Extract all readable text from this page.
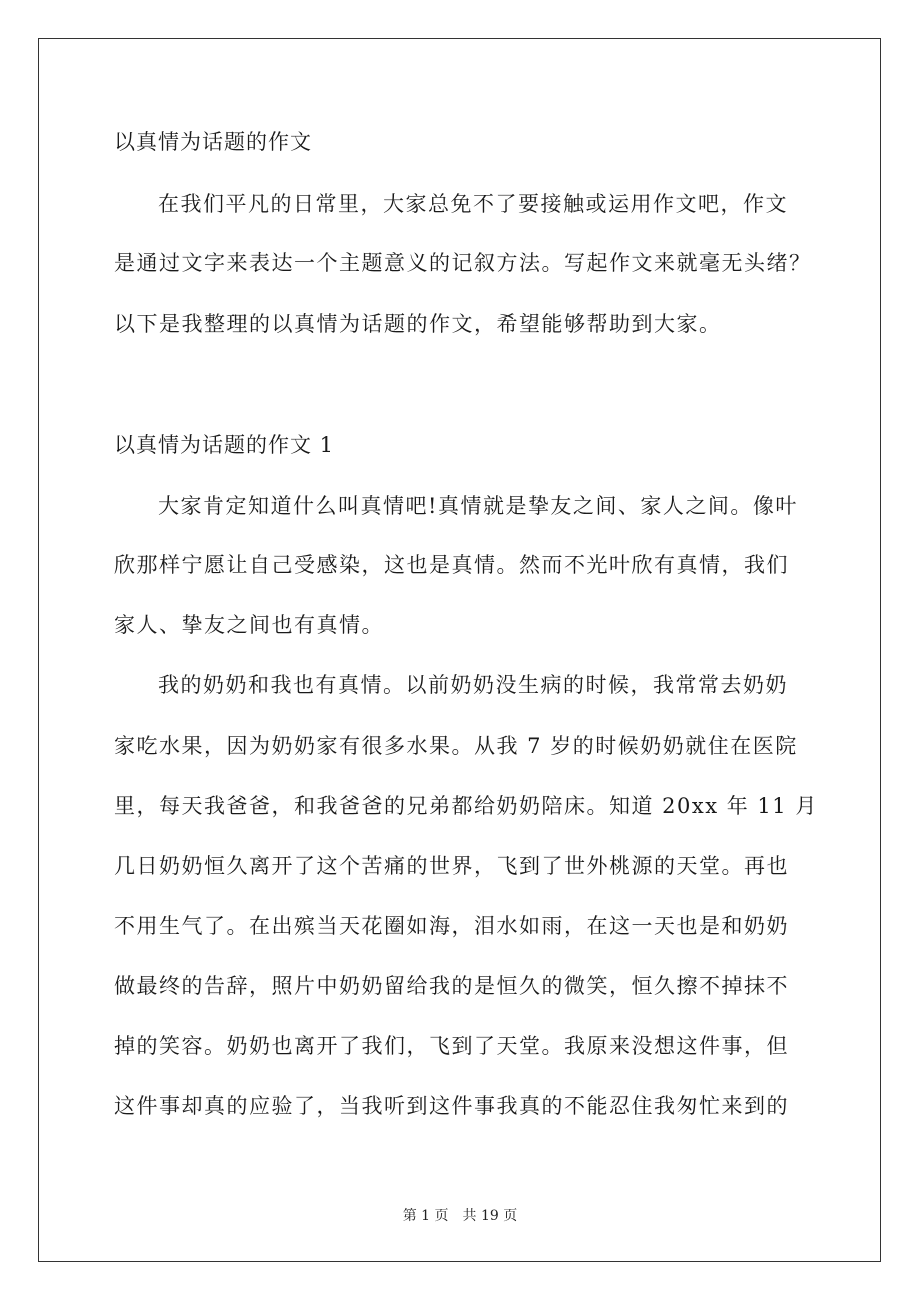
以真情为话题的作文
在我们平凡的日常里，大家总免不了要接触或运用作文吧，作文
是通过文字来表达一个主题意义的记叙方法。写起作文来就毫无头绪？
以下是我整理的以真情为话题的作文，希望能够帮助到大家。
以真情为话题的作文 1
大家肯定知道什么叫真情吧!真情就是挚友之间、家人之间。像叶
欣那样宁愿让自己受感染，这也是真情。然而不光叶欣有真情，我们
家人、挚友之间也有真情。
我的奶奶和我也有真情。以前奶奶没生病的时候，我常常去奶奶
家吃水果，因为奶奶家有很多水果。从我 7 岁的时候奶奶就住在医院
里，每天我爸爸，和我爸爸的兄弟都给奶奶陪床。知道 20xx 年 11 月
几日奶奶恒久离开了这个苦痛的世界，飞到了世外桃源的天堂。再也
不用生气了。在出殡当天花圈如海，泪水如雨，在这一天也是和奶奶
做最终的告辞，照片中奶奶留给我的是恒久的微笑，恒久擦不掉抹不
掉的笑容。奶奶也离开了我们，飞到了天堂。我原来没想这件事，但
这件事却真的应验了，当我听到这件事我真的不能忍住我匆忙来到的
第 1 页　共 19 页
